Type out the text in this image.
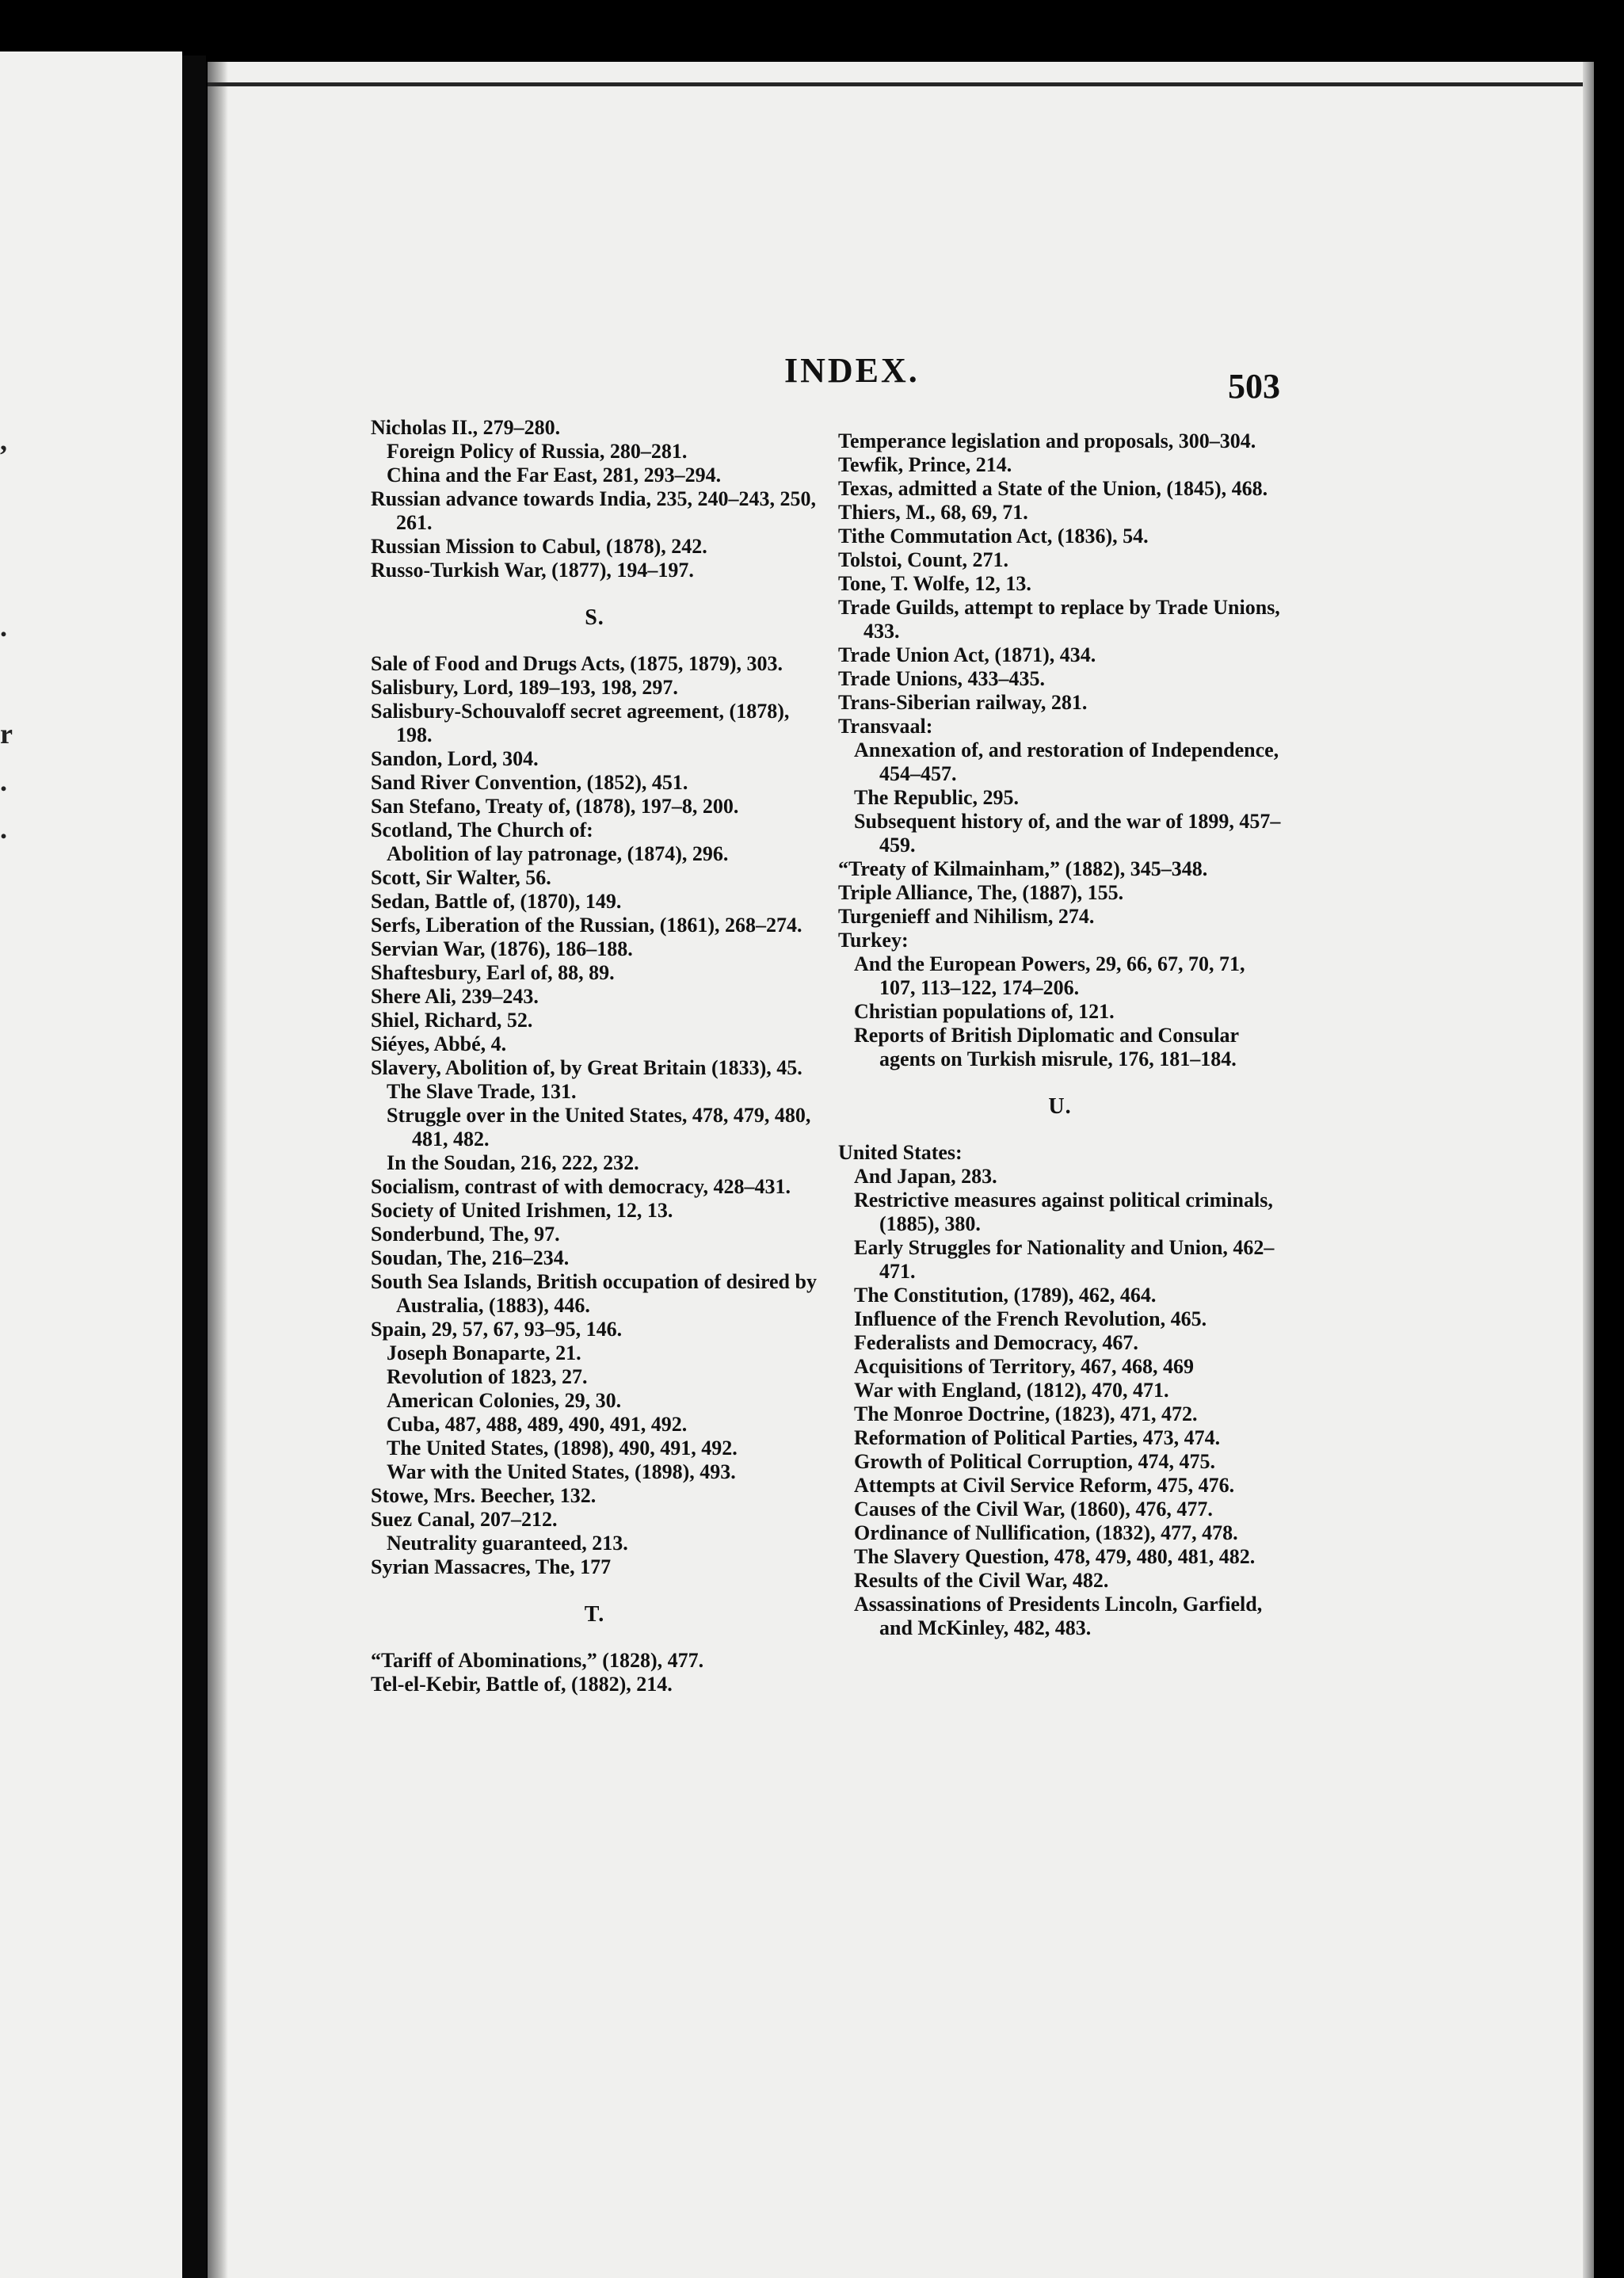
,
.
r
.
.
INDEX.	503

Nicholas II., 279–280.

Foreign Policy of Russia, 280–281.

China and the Far East, 281, 293–294.

Russian advance towards India, 235, 240–243, 250, 261.

Russian Mission to Cabul, (1878), 242.

Russo-Turkish War, (1877), 194–197.

S.

Sale of Food and Drugs Acts, (1875, 1879), 303.

Salisbury, Lord, 189–193, 198, 297.

Salisbury-Schouvaloff secret agreement, (1878), 198.

Sandon, Lord, 304.

Sand River Convention, (1852), 451.

San Stefano, Treaty of, (1878), 197–8, 200.

Scotland, The Church of:

Abolition of lay patronage, (1874), 296.

Scott, Sir Walter, 56.

Sedan, Battle of, (1870), 149.

Serfs, Liberation of the Russian, (1861), 268–274.

Servian War, (1876), 186–188.

Shaftesbury, Earl of, 88, 89.

Shere Ali, 239–243.

Shiel, Richard, 52.

Siéyes, Abbé, 4.

Slavery, Abolition of, by Great Britain (1833), 45.

The Slave Trade, 131.

Struggle over in the United States, 478, 479, 480, 481, 482.

In the Soudan, 216, 222, 232.

Socialism, contrast of with democracy, 428–431.

Society of United Irishmen, 12, 13.

Sonderbund, The, 97.

Soudan, The, 216–234.

South Sea Islands, British occupation of desired by Australia, (1883), 446.

Spain, 29, 57, 67, 93–95, 146.

Joseph Bonaparte, 21.

Revolution of 1823, 27.

American Colonies, 29, 30.

Cuba, 487, 488, 489, 490, 491, 492.

The United States, (1898), 490, 491, 492.

War with the United States, (1898), 493.

Stowe, Mrs. Beecher, 132.

Suez Canal, 207–212.

Neutrality guaranteed, 213.

Syrian Massacres, The, 177

T.

“Tariff of Abominations,” (1828), 477.

Tel-el-Kebir, Battle of, (1882), 214.

Temperance legislation and proposals, 300–304.

Tewfik, Prince, 214.

Texas, admitted a State of the Union, (1845), 468.

Thiers, M., 68, 69, 71.

Tithe Commutation Act, (1836), 54.

Tolstoi, Count, 271.

Tone, T. Wolfe, 12, 13.

Trade Guilds, attempt to replace by Trade Unions, 433.

Trade Union Act, (1871), 434.

Trade Unions, 433–435.

Trans-Siberian railway, 281.

Transvaal:

Annexation of, and restoration of Independence, 454–457.

The Republic, 295.

Subsequent history of, and the war of 1899, 457–459.

“Treaty of Kilmainham,” (1882), 345–348.

Triple Alliance, The, (1887), 155.

Turgenieff and Nihilism, 274.

Turkey:

And the European Powers, 29, 66, 67, 70, 71, 107, 113–122, 174–206.

Christian populations of, 121.

Reports of British Diplomatic and Consular agents on Turkish misrule, 176, 181–184.

U.

United States:

And Japan, 283.

Restrictive measures against political criminals, (1885), 380.

Early Struggles for Nationality and Union, 462–471.

The Constitution, (1789), 462, 464.

Influence of the French Revolution, 465.

Federalists and Democracy, 467.

Acquisitions of Territory, 467, 468, 469

War with England, (1812), 470, 471.

The Monroe Doctrine, (1823), 471, 472.

Reformation of Political Parties, 473, 474.

Growth of Political Corruption, 474, 475.

Attempts at Civil Service Reform, 475, 476.

Causes of the Civil War, (1860), 476, 477.

Ordinance of Nullification, (1832), 477, 478.

The Slavery Question, 478, 479, 480, 481, 482.

Results of the Civil War, 482.

Assassinations of Presidents Lincoln, Garfield, and McKinley, 482, 483.
